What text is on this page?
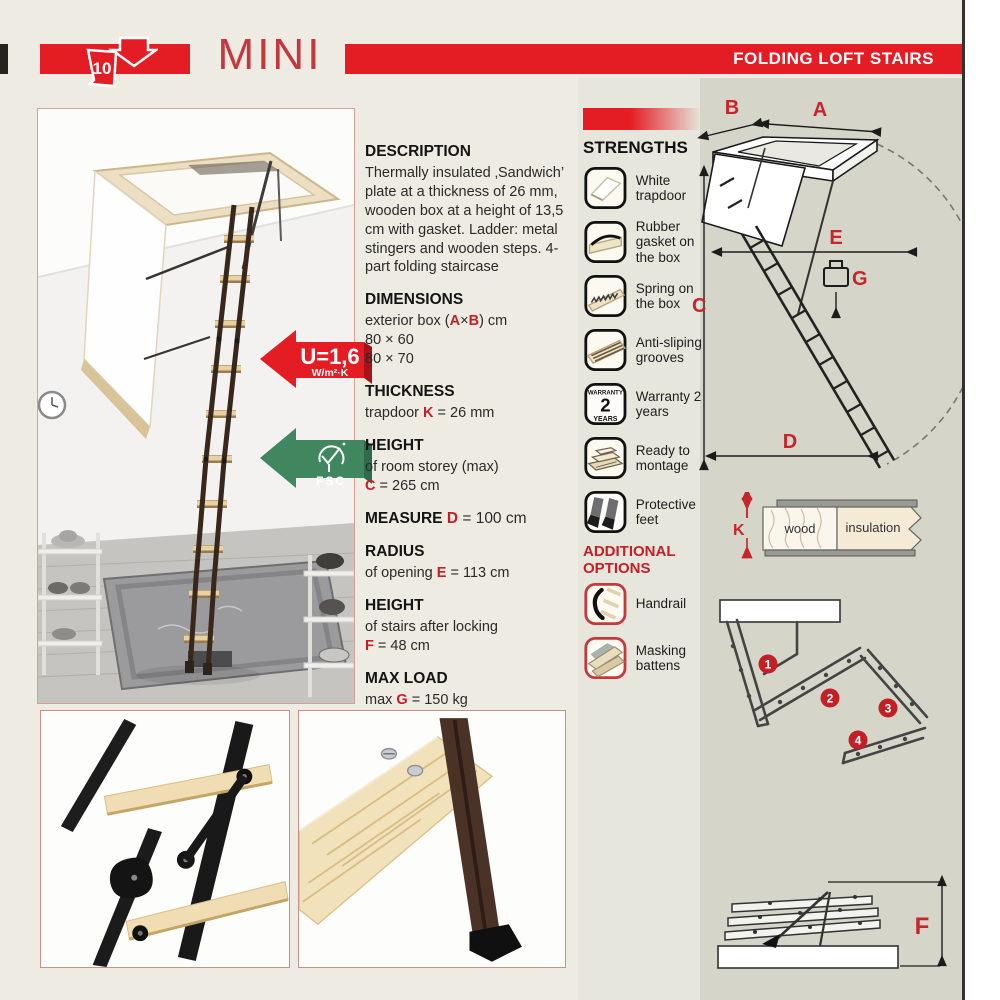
MINI	FOLDING LOFT STAIRS
10
U=1,6
W/m²·K
FSC
DESCRIPTION
Thermally insulated ‚Sandwich’ plate at a thickness of 26 mm, wooden box at a height of 13,5 cm with gasket. Ladder: metal stingers and wooden steps. 4-part folding staircase
DIMENSIONS
exterior box (A×B) cm
80 × 60
80 × 70
THICKNESS
trapdoor K = 26 mm
HEIGHT
of room storey (max)
C = 265 cm
MEASURE D = 100 cm
RADIUS
of opening E = 113 cm
HEIGHT
of stairs after locking
F = 48 cm
MAX LOAD
max G = 150 kg
STRENGTHS
White trapdoor
Rubber gasket on the box
Spring on the box
Anti-sliping grooves
WARRANTY
2
YEARS
Warranty 2 years
Ready to montage
Protective feet
ADDITIONAL
OPTIONS
Handrail
Masking battens
A
B
C
E
G
D
K	wood insulation
1
2
3
4
F
